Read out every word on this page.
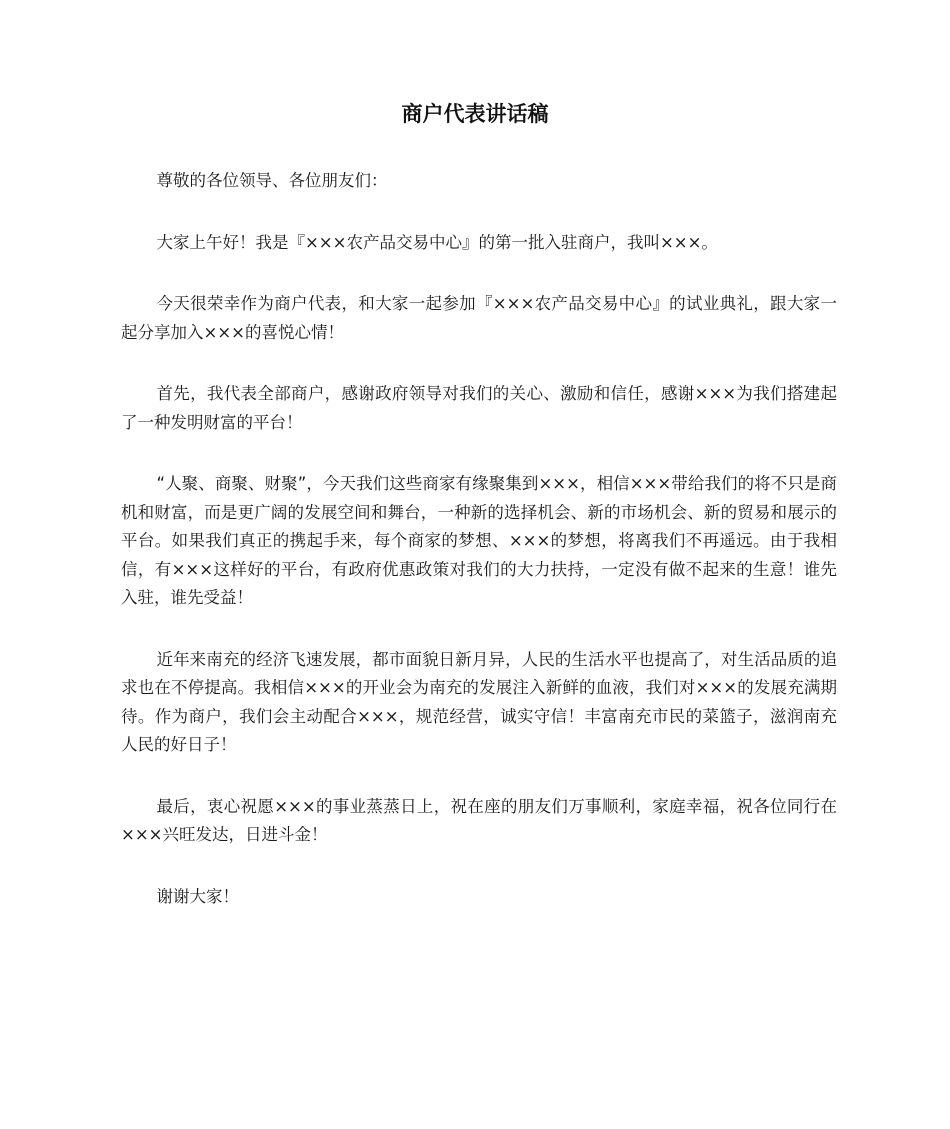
商户代表讲话稿

尊敬的各位领导、各位朋友们：

大家上午好！我是『×××农产品交易中心』的第一批入驻商户，我叫×××。

今天很荣幸作为商户代表，和大家一起参加『×××农产品交易中心』的试业典礼，跟大家一起分享加入×××的喜悦心情！

首先，我代表全部商户，感谢政府领导对我们的关心、激励和信任，感谢×××为我们搭建起了一种发明财富的平台！

“人聚、商聚、财聚”，今天我们这些商家有缘聚集到×××，相信×××带给我们的将不只是商机和财富，而是更广阔的发展空间和舞台，一种新的选择机会、新的市场机会、新的贸易和展示的平台。如果我们真正的携起手来，每个商家的梦想、×××的梦想，将离我们不再遥远。由于我相信，有×××这样好的平台，有政府优惠政策对我们的大力扶持，一定没有做不起来的生意！谁先入驻，谁先受益！

近年来南充的经济飞速发展，都市面貌日新月异，人民的生活水平也提高了，对生活品质的追求也在不停提高。我相信×××的开业会为南充的发展注入新鲜的血液，我们对×××的发展充满期待。作为商户，我们会主动配合×××，规范经营，诚实守信！丰富南充市民的菜篮子，滋润南充人民的好日子！

最后，衷心祝愿×××的事业蒸蒸日上，祝在座的朋友们万事顺利，家庭幸福，祝各位同行在×××兴旺发达，日进斗金！

谢谢大家！
